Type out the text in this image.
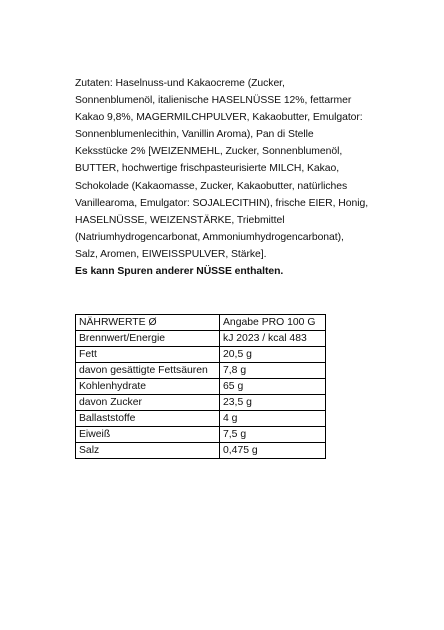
Zutaten: Haselnuss-und Kakaocreme (Zucker,
Sonnenblumenöl, italienische HASELNÜSSE 12%, fettarmer
Kakao 9,8%, MAGERMILCHPULVER, Kakaobutter, Emulgator:
Sonnenblumenlecithin, Vanillin Aroma), Pan di Stelle
Keksstücke 2% [WEIZENMEHL, Zucker, Sonnenblumenöl,
BUTTER, hochwertige frischpasteurisierte MILCH, Kakao,
Schokolade (Kakaomasse, Zucker, Kakaobutter, natürliches
Vanillearoma, Emulgator: SOJALECITHIN), frische EIER, Honig,
HASELNÜSSE, WEIZENSTÄRKE, Triebmittel
(Natriumhydrogencarbonat, Ammoniumhydrogencarbonat),
Salz, Aromen, EIWEISSPULVER, Stärke].
Es kann Spuren anderer NÜSSE enthalten.
NÄHRWERTE Ø	Angabe PRO 100 G
Brennwert/Energie	kJ 2023 / kcal 483
Fett	20,5 g
davon gesättigte Fettsäuren	7,8 g
Kohlenhydrate	65 g
davon Zucker	23,5 g
Ballaststoffe	4 g
Eiweiß	7,5 g
Salz	0,475 g
